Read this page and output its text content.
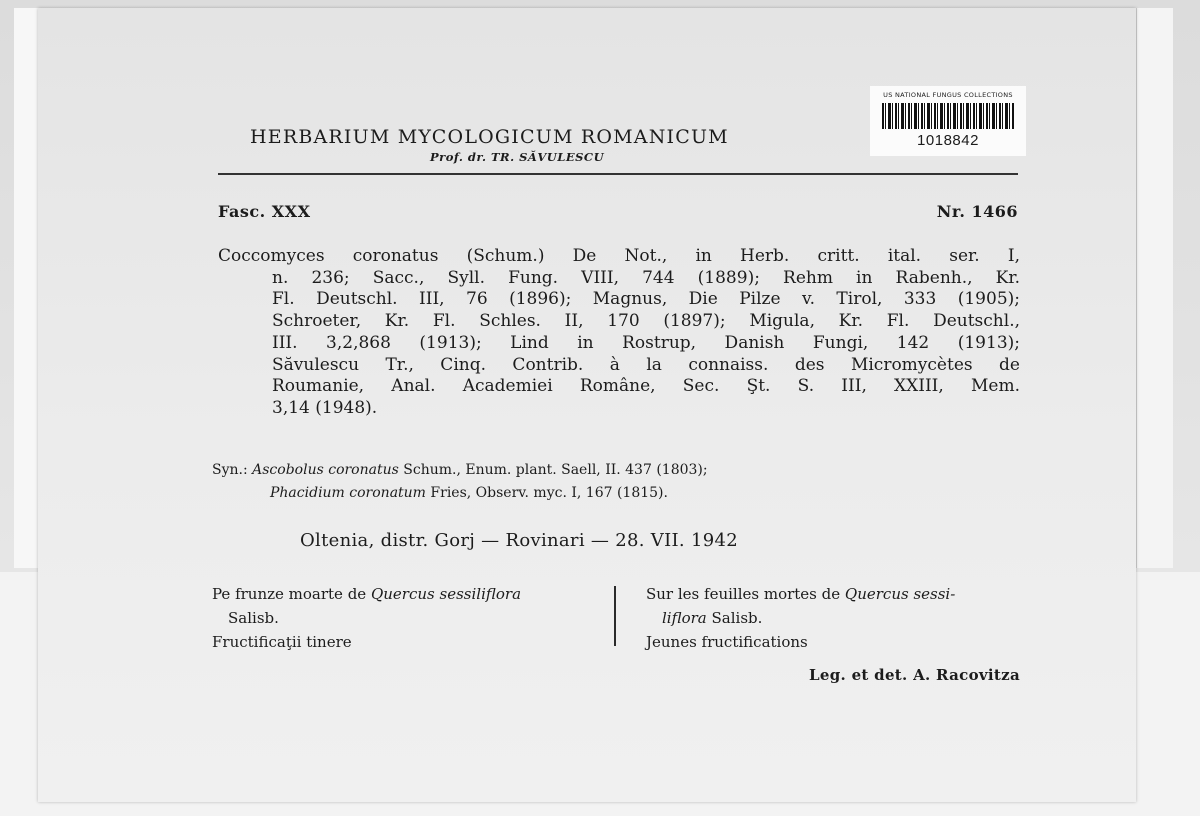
HERBARIUM MYCOLOGICUM ROMANICUM
Prof. dr. TR. SĂVULESCU
US NATIONAL FUNGUS COLLECTIONS
1018842
Fasc. XXX	Nr. 1466
Coccomyces coronatus (Schum.) De Not., in Herb. critt. ital. ser. I,
n. 236; Sacc., Syll. Fung. VIII, 744 (1889); Rehm in Rabenh., Kr.
Fl. Deutschl. III, 76 (1896); Magnus, Die Pilze v. Tirol, 333 (1905);
Schroeter, Kr. Fl. Schles. II, 170 (1897); Migula, Kr. Fl. Deutschl.,
III. 3,2,868 (1913); Lind in Rostrup, Danish Fungi, 142 (1913);
Săvulescu Tr., Cinq. Contrib. à la connaiss. des Micromycètes de
Roumanie, Anal. Academiei Române, Sec. Şt. S. III, XXIII, Mem.
3,14 (1948).
Syn.: Ascobolus coronatus Schum., Enum. plant. Saell, II. 437 (1803);
Phacidium coronatum Fries, Observ. myc. I, 167 (1815).
Oltenia, distr. Gorj — Rovinari — 28. VII. 1942
Pe frunze moarte de Quercus sessiliflora
Salisb.
Fructificaţii tinere
Sur les feuilles mortes de Quercus sessi-
liflora Salisb.
Jeunes fructifications
Leg. et det. A. Racovitza
